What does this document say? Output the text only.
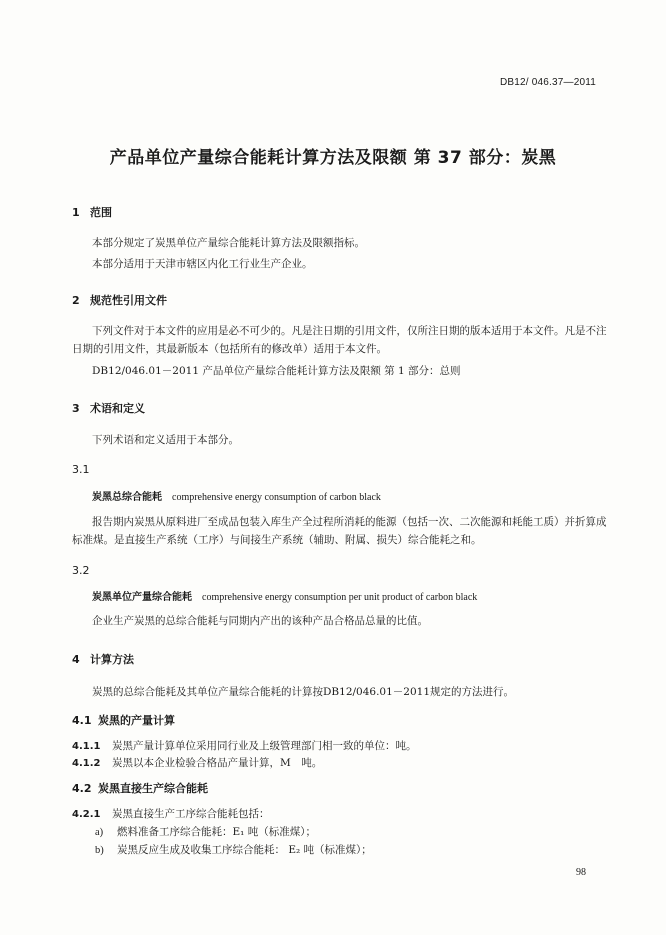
DB12/ 046.37—2011
产品单位产量综合能耗计算方法及限额 第 37 部分：炭黑
1 范围
本部分规定了炭黑单位产量综合能耗计算方法及限额指标。
本部分适用于天津市辖区内化工行业生产企业。
2 规范性引用文件
下列文件对于本文件的应用是必不可少的。凡是注日期的引用文件，仅所注日期的版本适用于本文件。凡是不注日期的引用文件，其最新版本（包括所有的修改单）适用于本文件。
DB12/046.01－2011 产品单位产量综合能耗计算方法及限额 第 1 部分：总则
3 术语和定义
下列术语和定义适用于本部分。
3.1
炭黑总综合能耗 comprehensive energy consumption of carbon black
报告期内炭黑从原料进厂至成品包装入库生产全过程所消耗的能源（包括一次、二次能源和耗能工质）并折算成标准煤。是直接生产系统（工序）与间接生产系统（辅助、附属、损失）综合能耗之和。
3.2
炭黑单位产量综合能耗 comprehensive energy consumption per unit product of carbon black
企业生产炭黑的总综合能耗与同期内产出的该种产品合格品总量的比值。
4 计算方法
炭黑的总综合能耗及其单位产量综合能耗的计算按DB12/046.01－2011规定的方法进行。
4.1 炭黑的产量计算
4.1.1 炭黑产量计算单位采用同行业及上级管理部门相一致的单位：吨。
4.1.2 炭黑以本企业检验合格品产量计算，M　吨。
4.2 炭黑直接生产综合能耗
4.2.1 炭黑直接生产工序综合能耗包括：
a) 燃料准备工序综合能耗：E₁ 吨（标准煤）；
b) 炭黑反应生成及收集工序综合能耗： E₂ 吨（标准煤）；
98
